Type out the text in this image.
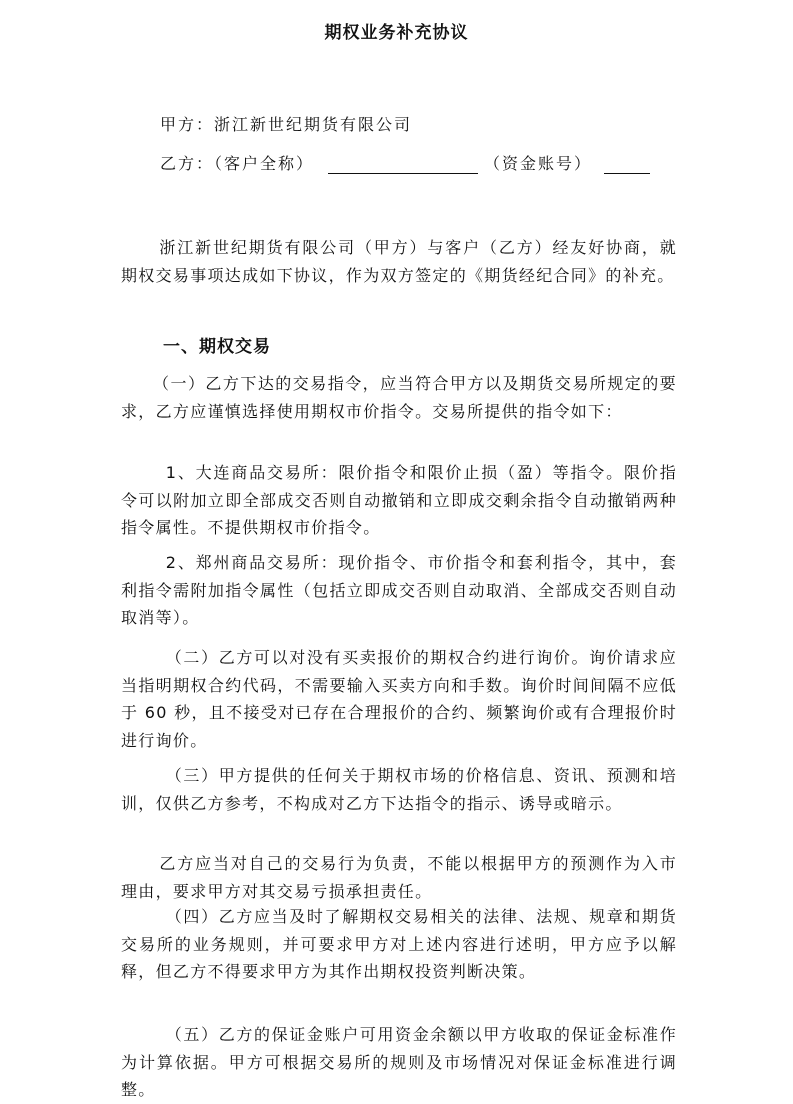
期权业务补充协议
甲方：浙江新世纪期货有限公司
乙方：（客户全称）	（资金账号）

浙江新世纪期货有限公司（甲方）与客户（乙方）经友好协商，就期权交易事项达成如下协议，作为双方签定的《期货经纪合同》的补充。

一、期权交易

（一）乙方下达的交易指令，应当符合甲方以及期货交易所规定的要求，乙方应谨慎选择使用期权市价指令。交易所提供的指令如下：

1、大连商品交易所：限价指令和限价止损（盈）等指令。限价指令可以附加立即全部成交否则自动撤销和立即成交剩余指令自动撤销两种指令属性。不提供期权市价指令。

2、郑州商品交易所：现价指令、市价指令和套利指令，其中，套利指令需附加指令属性（包括立即成交否则自动取消、全部成交否则自动取消等）。

（二）乙方可以对没有买卖报价的期权合约进行询价。询价请求应当指明期权合约代码，不需要输入买卖方向和手数。询价时间间隔不应低于 60 秒，且不接受对已存在合理报价的合约、频繁询价或有合理报价时进行询价。

（三）甲方提供的任何关于期权市场的价格信息、资讯、预测和培训，仅供乙方参考，不构成对乙方下达指令的指示、诱导或暗示。

乙方应当对自己的交易行为负责，不能以根据甲方的预测作为入市理由，要求甲方对其交易亏损承担责任。

（四）乙方应当及时了解期权交易相关的法律、法规、规章和期货交易所的业务规则，并可要求甲方对上述内容进行述明，甲方应予以解释，但乙方不得要求甲方为其作出期权投资判断决策。

（五）乙方的保证金账户可用资金余额以甲方收取的保证金标准作为计算依据。甲方可根据交易所的规则及市场情况对保证金标准进行调整。
